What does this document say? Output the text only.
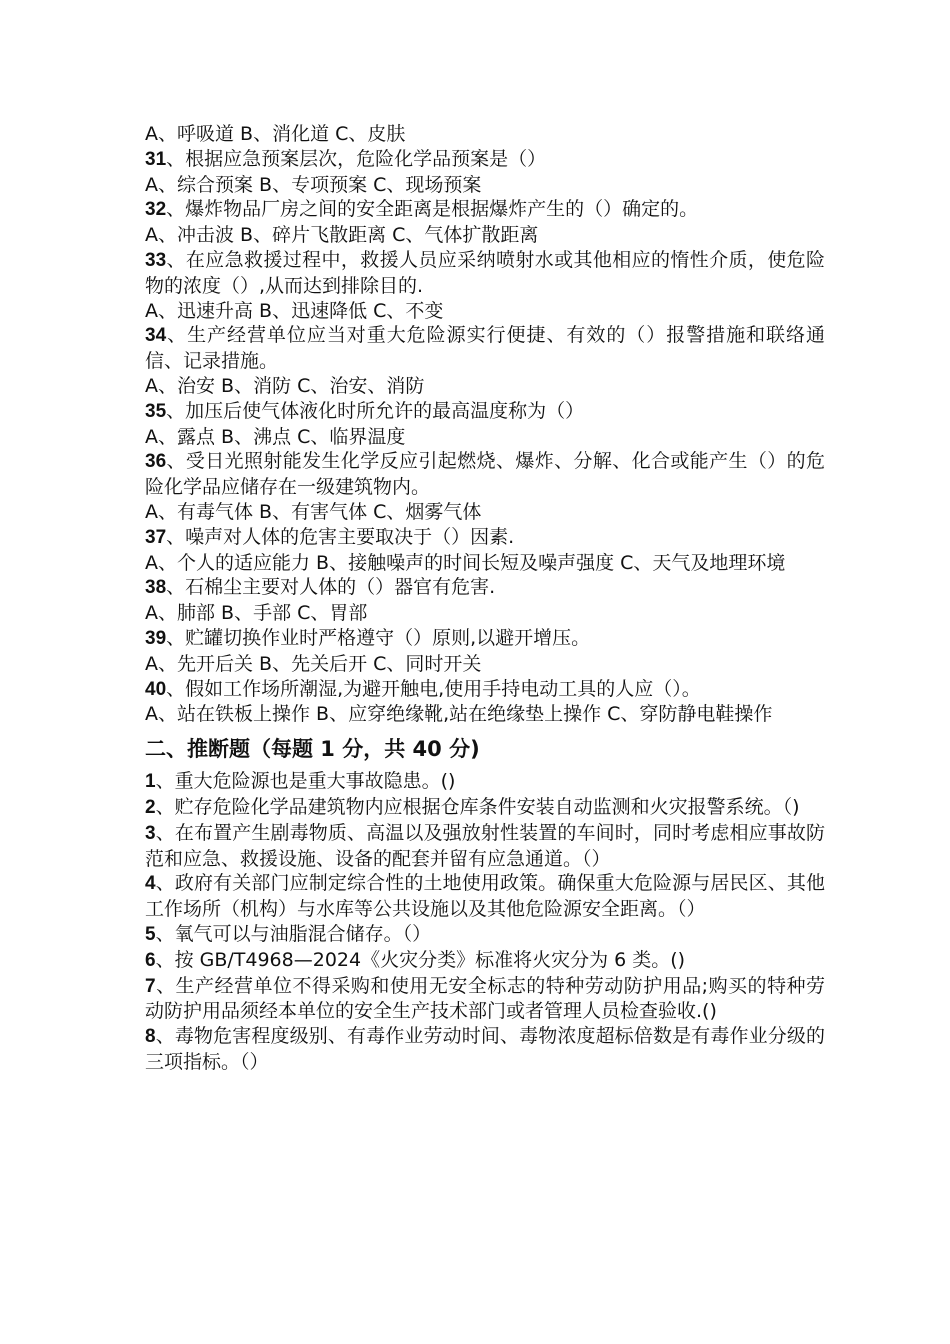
A、呼吸道 B、消化道 C、皮肤

31、根据应急预案层次，危险化学品预案是（）

A、综合预案 B、专项预案 C、现场预案

32、爆炸物品厂房之间的安全距离是根据爆炸产生的（）确定的。

A、冲击波 B、碎片飞散距离 C、气体扩散距离

33、在应急救援过程中，救援人员应采纳喷射水或其他相应的惰性介质，使危险物的浓度（）,从而达到排除目的.

A、迅速升高 B、迅速降低 C、不变

34、生产经营单位应当对重大危险源实行便捷、有效的（）报警措施和联络通信、记录措施。

A、治安 B、消防 C、治安、消防

35、加压后使气体液化时所允许的最高温度称为（）

A、露点 B、沸点 C、临界温度

36、受日光照射能发生化学反应引起燃烧、爆炸、分解、化合或能产生（）的危险化学品应储存在一级建筑物内。

A、有毒气体 B、有害气体 C、烟雾气体

37、噪声对人体的危害主要取决于（）因素.

A、个人的适应能力 B、接触噪声的时间长短及噪声强度 C、天气及地理环境

38、石棉尘主要对人体的（）器官有危害.

A、肺部 B、手部 C、胃部

39、贮罐切换作业时严格遵守（）原则,以避开增压。

A、先开后关 B、先关后开 C、同时开关

40、假如工作场所潮湿,为避开触电,使用手持电动工具的人应（）。

A、站在铁板上操作 B、应穿绝缘靴,站在绝缘垫上操作 C、穿防静电鞋操作

二、推断题（每题 1 分，共 40 分)

1、重大危险源也是重大事故隐患。()

2、贮存危险化学品建筑物内应根据仓库条件安装自动监测和火灾报警系统。（)

3、在布置产生剧毒物质、高温以及强放射性装置的车间时，同时考虑相应事故防范和应急、救援设施、设备的配套并留有应急通道。（）

4、政府有关部门应制定综合性的土地使用政策。确保重大危险源与居民区、其他工作场所（机构）与水库等公共设施以及其他危险源安全距离。（）

5、氧气可以与油脂混合储存。（）

6、按 GB/T4968—2024《火灾分类》标准将火灾分为 6 类。()

7、生产经营单位不得采购和使用无安全标志的特种劳动防护用品;购买的特种劳动防护用品须经本单位的安全生产技术部门或者管理人员检查验收.()

8、毒物危害程度级别、有毒作业劳动时间、毒物浓度超标倍数是有毒作业分级的三项指标。（）
